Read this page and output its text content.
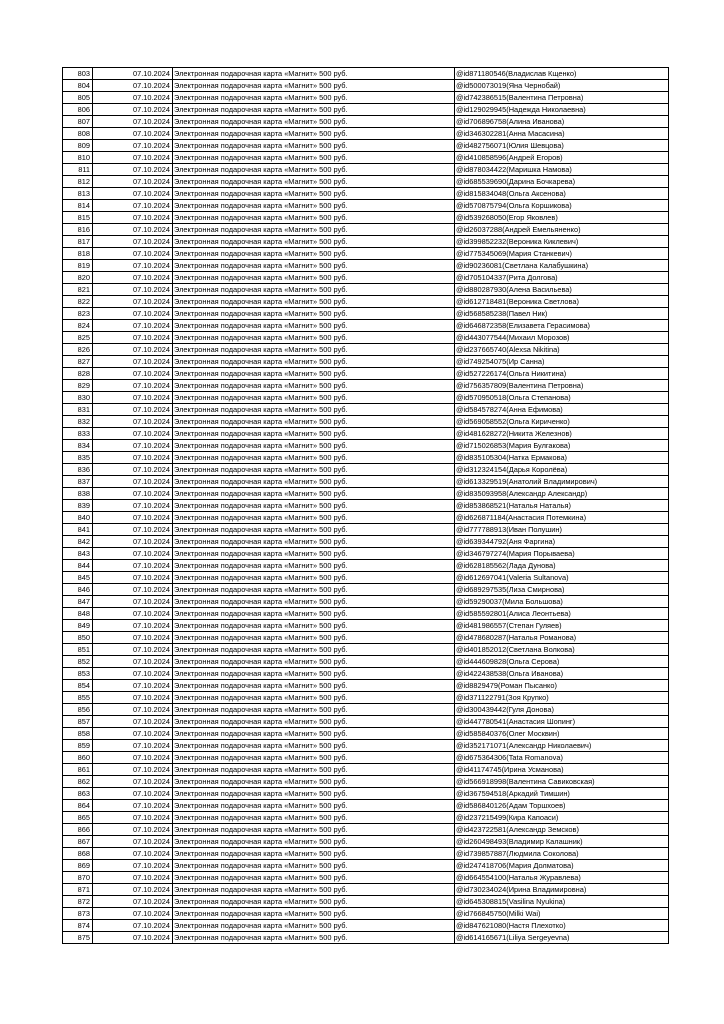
803	07.10.2024	Электронная подарочная карта «Магнит» 500 руб.	@id871180546(Владислав Кщенко)
804	07.10.2024	Электронная подарочная карта «Магнит» 500 руб.	@id500073019(Яна Чернобай)
805	07.10.2024	Электронная подарочная карта «Магнит» 500 руб.	@id742386515(Валентина Петровна)
806	07.10.2024	Электронная подарочная карта «Магнит» 500 руб.	@id129029945(Надежда Николаевна)
807	07.10.2024	Электронная подарочная карта «Магнит» 500 руб.	@id706896758(Алина Иванова)
808	07.10.2024	Электронная подарочная карта «Магнит» 500 руб.	@id346302281(Анна Масасина)
809	07.10.2024	Электронная подарочная карта «Магнит» 500 руб.	@id482756071(Юлия Шевцова)
810	07.10.2024	Электронная подарочная карта «Магнит» 500 руб.	@id410858596(Андрей Егоров)
811	07.10.2024	Электронная подарочная карта «Магнит» 500 руб.	@id878034422(Маришка Намова)
812	07.10.2024	Электронная подарочная карта «Магнит» 500 руб.	@id685539690(Дарина Бочкарева)
813	07.10.2024	Электронная подарочная карта «Магнит» 500 руб.	@id815834048(Ольга Аксенова)
814	07.10.2024	Электронная подарочная карта «Магнит» 500 руб.	@id570875794(Ольга Коршикова)
815	07.10.2024	Электронная подарочная карта «Магнит» 500 руб.	@id539268050(Егор Яковлев)
816	07.10.2024	Электронная подарочная карта «Магнит» 500 руб.	@id26037288(Андрей Емельяненко)
817	07.10.2024	Электронная подарочная карта «Магнит» 500 руб.	@id399852232(Вероника Киклевич)
818	07.10.2024	Электронная подарочная карта «Магнит» 500 руб.	@id775345069(Мария Станкевич)
819	07.10.2024	Электронная подарочная карта «Магнит» 500 руб.	@id90236081(Светлана Калабушкина)
820	07.10.2024	Электронная подарочная карта «Магнит» 500 руб.	@id705104337(Рита Долгова)
821	07.10.2024	Электронная подарочная карта «Магнит» 500 руб.	@id880287930(Алена Васильева)
822	07.10.2024	Электронная подарочная карта «Магнит» 500 руб.	@id612718481(Вероника Светлова)
823	07.10.2024	Электронная подарочная карта «Магнит» 500 руб.	@id568585238(Павел Ник)
824	07.10.2024	Электронная подарочная карта «Магнит» 500 руб.	@id646872358(Елизавета Герасимова)
825	07.10.2024	Электронная подарочная карта «Магнит» 500 руб.	@id443077544(Михаил Морозов)
826	07.10.2024	Электронная подарочная карта «Магнит» 500 руб.	@id237665740(Alexsa Nikitina)
827	07.10.2024	Электронная подарочная карта «Магнит» 500 руб.	@id749254075(Ир Санна)
828	07.10.2024	Электронная подарочная карта «Магнит» 500 руб.	@id527226174(Ольга Никитина)
829	07.10.2024	Электронная подарочная карта «Магнит» 500 руб.	@id756357809(Валентина Петровна)
830	07.10.2024	Электронная подарочная карта «Магнит» 500 руб.	@id570950518(Ольга Степанова)
831	07.10.2024	Электронная подарочная карта «Магнит» 500 руб.	@id584578274(Анна Ефимова)
832	07.10.2024	Электронная подарочная карта «Магнит» 500 руб.	@id569058552(Ольга Кириченко)
833	07.10.2024	Электронная подарочная карта «Магнит» 500 руб.	@id481628272(Никита Железнов)
834	07.10.2024	Электронная подарочная карта «Магнит» 500 руб.	@id715026853(Мария Булгакова)
835	07.10.2024	Электронная подарочная карта «Магнит» 500 руб.	@id835105304(Натка Ермакова)
836	07.10.2024	Электронная подарочная карта «Магнит» 500 руб.	@id312324154(Дарья Королёва)
837	07.10.2024	Электронная подарочная карта «Магнит» 500 руб.	@id613329519(Анатолий Владимирович)
838	07.10.2024	Электронная подарочная карта «Магнит» 500 руб.	@id835093958(Александр Александр)
839	07.10.2024	Электронная подарочная карта «Магнит» 500 руб.	@id853868521(Наталья Наталья)
840	07.10.2024	Электронная подарочная карта «Магнит» 500 руб.	@id626871184(Анастасия Потемкина)
841	07.10.2024	Электронная подарочная карта «Магнит» 500 руб.	@id777788913(Иван Полушин)
842	07.10.2024	Электронная подарочная карта «Магнит» 500 руб.	@id639344792(Аня Фаргина)
843	07.10.2024	Электронная подарочная карта «Магнит» 500 руб.	@id346797274(Мария Порываева)
844	07.10.2024	Электронная подарочная карта «Магнит» 500 руб.	@id628185562(Лада Дунова)
845	07.10.2024	Электронная подарочная карта «Магнит» 500 руб.	@id612697041(Valeria Sultanova)
846	07.10.2024	Электронная подарочная карта «Магнит» 500 руб.	@id689297535(Лиза Смирнова)
847	07.10.2024	Электронная подарочная карта «Магнит» 500 руб.	@id59290037(Мила Большова)
848	07.10.2024	Электронная подарочная карта «Магнит» 500 руб.	@id585592801(Алиса Леонтьева)
849	07.10.2024	Электронная подарочная карта «Магнит» 500 руб.	@id481986557(Степан Гуляев)
850	07.10.2024	Электронная подарочная карта «Магнит» 500 руб.	@id478680287(Наталья Романова)
851	07.10.2024	Электронная подарочная карта «Магнит» 500 руб.	@id401852012(Светлана Волкова)
852	07.10.2024	Электронная подарочная карта «Магнит» 500 руб.	@id444609828(Ольга Серова)
853	07.10.2024	Электронная подарочная карта «Магнит» 500 руб.	@id422438538(Ольга Иванова)
854	07.10.2024	Электронная подарочная карта «Магнит» 500 руб.	@id8829479(Роман Пысанко)
855	07.10.2024	Электронная подарочная карта «Магнит» 500 руб.	@id371122791(Зоя Крупко)
856	07.10.2024	Электронная подарочная карта «Магнит» 500 руб.	@id300439442(Гуля Донова)
857	07.10.2024	Электронная подарочная карта «Магнит» 500 руб.	@id447780541(Анастасия Шопинг)
858	07.10.2024	Электронная подарочная карта «Магнит» 500 руб.	@id585840376(Олег Москвин)
859	07.10.2024	Электронная подарочная карта «Магнит» 500 руб.	@id352171071(Александр Николаевич)
860	07.10.2024	Электронная подарочная карта «Магнит» 500 руб.	@id675364306(Tata Romanova)
861	07.10.2024	Электронная подарочная карта «Магнит» 500 руб.	@id41174745(Ирина Усманова)
862	07.10.2024	Электронная подарочная карта «Магнит» 500 руб.	@id566918998(Валентина Савиковская)
863	07.10.2024	Электронная подарочная карта «Магнит» 500 руб.	@id367594518(Аркадий Тимшин)
864	07.10.2024	Электронная подарочная карта «Магнит» 500 руб.	@id586840126(Адам Торшхоев)
865	07.10.2024	Электронная подарочная карта «Магнит» 500 руб.	@id237215499(Кира Капоаси)
866	07.10.2024	Электронная подарочная карта «Магнит» 500 руб.	@id423722581(Александр Земсков)
867	07.10.2024	Электронная подарочная карта «Магнит» 500 руб.	@id260498493(Владимир Калашник)
868	07.10.2024	Электронная подарочная карта «Магнит» 500 руб.	@id739857887(Людмила Соколова)
869	07.10.2024	Электронная подарочная карта «Магнит» 500 руб.	@id247418706(Мария Долматова)
870	07.10.2024	Электронная подарочная карта «Магнит» 500 руб.	@id664554100(Наталья Журавлева)
871	07.10.2024	Электронная подарочная карта «Магнит» 500 руб.	@id730234024(Ирина Владимировна)
872	07.10.2024	Электронная подарочная карта «Магнит» 500 руб.	@id645308815(Vasilina Nyukina)
873	07.10.2024	Электронная подарочная карта «Магнит» 500 руб.	@id766845750(Milki Wai)
874	07.10.2024	Электронная подарочная карта «Магнит» 500 руб.	@id847621080(Настя Плехотко)
875	07.10.2024	Электронная подарочная карта «Магнит» 500 руб.	@id614165671(Liliya Sergeyevna)
